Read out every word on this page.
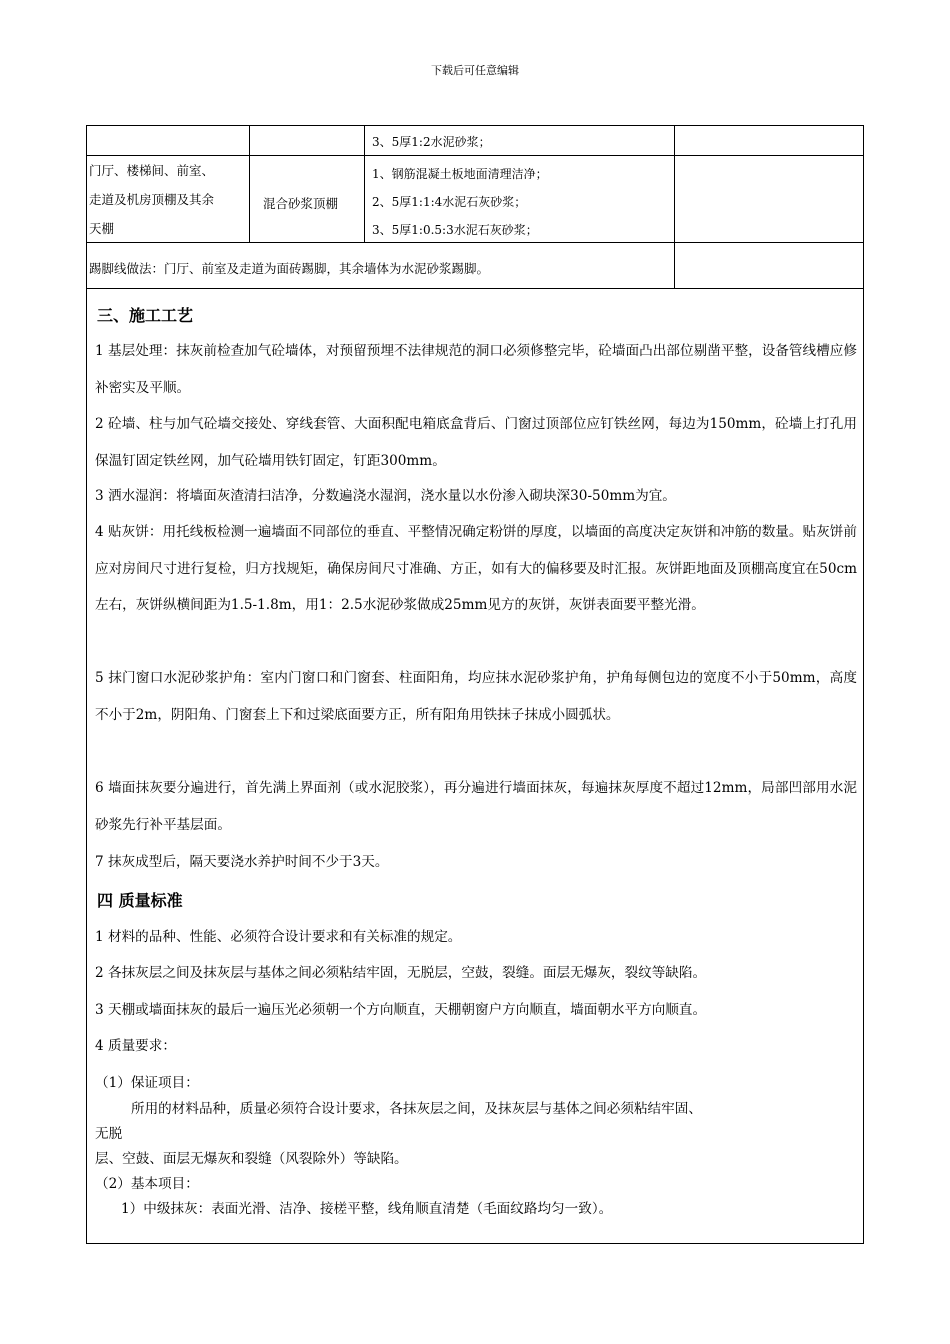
下载后可任意编辑
3、5厚1:2水泥砂浆；
门厅、楼梯间、前室、
走道及机房顶棚及其余
天棚
混合砂浆顶棚
1、钢筋混凝土板地面清理洁净；
2、5厚1:1:4水泥石灰砂浆；
3、5厚1:0.5:3水泥石灰砂浆；
踢脚线做法：门厅、前室及走道为面砖踢脚，其余墙体为水泥砂浆踢脚。
三、施工工艺
1 基层处理：抹灰前检查加气砼墙体，对预留预埋不法律规范的洞口必须修整完毕，砼墙面凸出部位剔凿平整，设备管线槽应修补密实及平顺。
2 砼墙、柱与加气砼墙交接处、穿线套管、大面积配电箱底盒背后、门窗过顶部位应钉铁丝网，每边为150mm，砼墙上打孔用保温钉固定铁丝网，加气砼墙用铁钉固定，钉距300mm。
3 洒水湿润：将墙面灰渣清扫洁净，分数遍浇水湿润，浇水量以水份渗入砌块深30-50mm为宜。
4 贴灰饼：用托线板检测一遍墙面不同部位的垂直、平整情况确定粉饼的厚度，以墙面的高度决定灰饼和冲筋的数量。贴灰饼前应对房间尺寸进行复检，归方找规矩，确保房间尺寸准确、方正，如有大的偏移要及时汇报。灰饼距地面及顶棚高度宜在50cm左右，灰饼纵横间距为1.5-1.8m，用1：2.5水泥砂浆做成25mm见方的灰饼，灰饼表面要平整光滑。
5 抹门窗口水泥砂浆护角：室内门窗口和门窗套、柱面阳角，均应抹水泥砂浆护角，护角每侧包边的宽度不小于50mm，高度不小于2m，阴阳角、门窗套上下和过梁底面要方正，所有阳角用铁抹子抹成小圆弧状。
6 墙面抹灰要分遍进行，首先满上界面剂（或水泥胶浆），再分遍进行墙面抹灰，每遍抹灰厚度不超过12mm，局部凹部用水泥砂浆先行补平基层面。
7 抹灰成型后，隔天要浇水养护时间不少于3天。
四 质量标准
1 材料的品种、性能、必须符合设计要求和有关标准的规定。
2 各抹灰层之间及抹灰层与基体之间必须粘结牢固，无脱层，空鼓，裂缝。面层无爆灰，裂纹等缺陷。
3 天棚或墙面抹灰的最后一遍压光必须朝一个方向顺直，天棚朝窗户方向顺直，墙面朝水平方向顺直。
4 质量要求：
（1）保证项目：
所用的材料品种，质量必须符合设计要求，各抹灰层之间，及抹灰层与基体之间必须粘结牢固、
无脱
层、空鼓、面层无爆灰和裂缝（风裂除外）等缺陷。
（2）基本项目：
1）中级抹灰：表面光滑、洁净、接槎平整，线角顺直清楚（毛面纹路均匀一致）。
